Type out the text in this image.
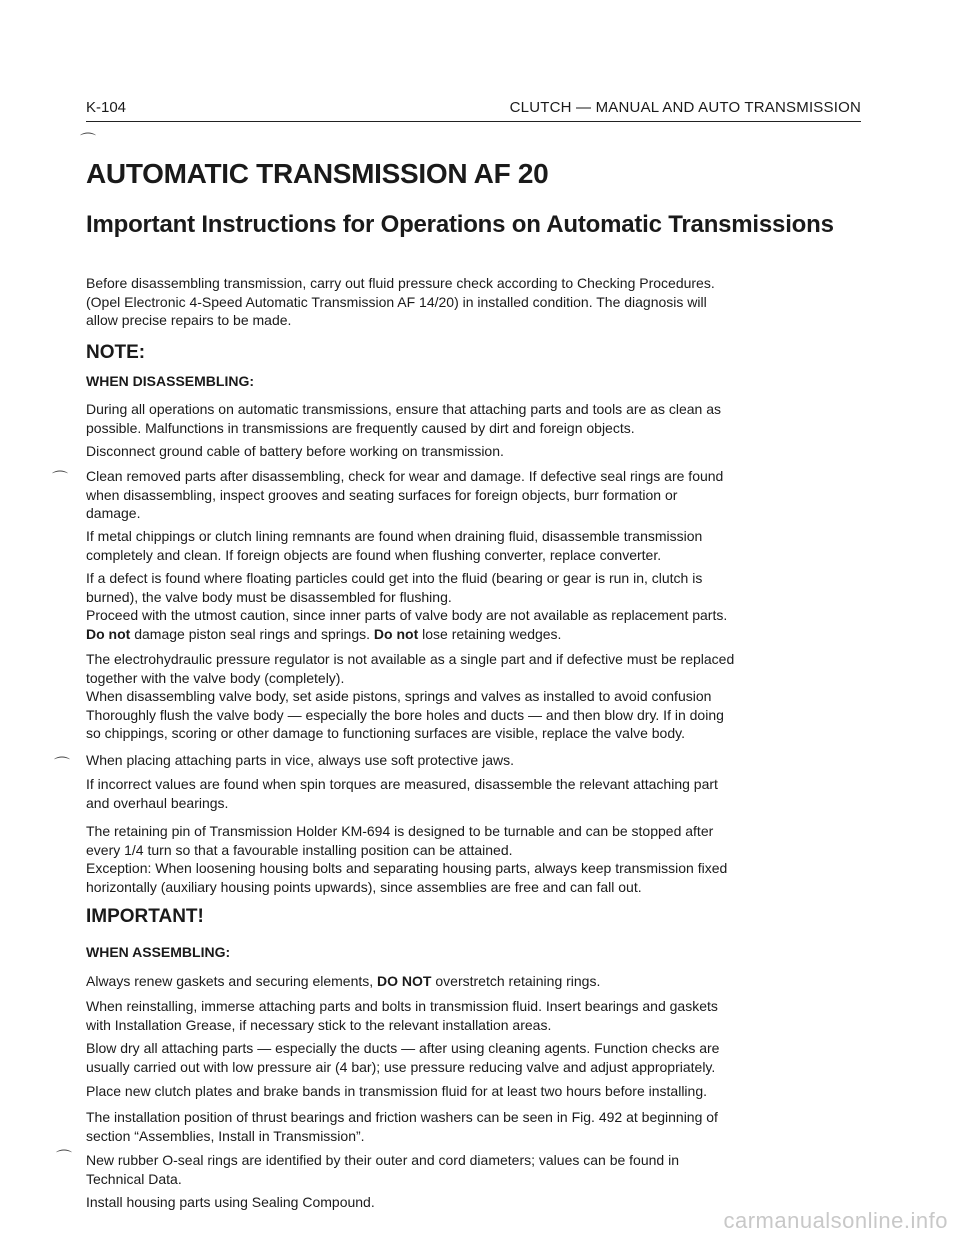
K-104	CLUTCH — MANUAL AND AUTO TRANSMISSION
⌒
⌒
⌒
⌒
AUTOMATIC TRANSMISSION AF 20
Important Instructions for Operations on Automatic Transmissions
Before disassembling transmission, carry out fluid pressure check according to Checking Procedures.
(Opel Electronic 4-Speed Automatic Transmission AF 14/20) in installed condition. The diagnosis will
allow precise repairs to be made.
NOTE:
WHEN DISASSEMBLING:
During all operations on automatic transmissions, ensure that attaching parts and tools are as clean as
possible. Malfunctions in transmissions are frequently caused by dirt and foreign objects.
Disconnect ground cable of battery before working on transmission.
Clean removed parts after disassembling, check for wear and damage. If defective seal rings are found
when disassembling, inspect grooves and seating surfaces for foreign objects, burr formation or
damage.
If metal chippings or clutch lining remnants are found when draining fluid, disassemble transmission
completely and clean. If foreign objects are found when flushing converter, replace converter.
If a defect is found where floating particles could get into the fluid (bearing or gear is run in, clutch is
burned), the valve body must be disassembled for flushing.
Proceed with the utmost caution, since inner parts of valve body are not available as replacement parts.
Do not damage piston seal rings and springs. Do not lose retaining wedges.
The electrohydraulic pressure regulator is not available as a single part and if defective must be replaced
together with the valve body (completely).
When disassembling valve body, set aside pistons, springs and valves as installed to avoid confusion
Thoroughly flush the valve body — especially the bore holes and ducts — and then blow dry. If in doing
so chippings, scoring or other damage to functioning surfaces are visible, replace the valve body.
When placing attaching parts in vice, always use soft protective jaws.
If incorrect values are found when spin torques are measured, disassemble the relevant attaching part
and overhaul bearings.
The retaining pin of Transmission Holder KM-694 is designed to be turnable and can be stopped after
every 1/4 turn so that a favourable installing position can be attained.
Exception: When loosening housing bolts and separating housing parts, always keep transmission fixed
horizontally (auxiliary housing points upwards), since assemblies are free and can fall out.
IMPORTANT!
WHEN ASSEMBLING:
Always renew gaskets and securing elements, DO NOT overstretch retaining rings.
When reinstalling, immerse attaching parts and bolts in transmission fluid. Insert bearings and gaskets
with Installation Grease, if necessary stick to the relevant installation areas.
Blow dry all attaching parts — especially the ducts — after using cleaning agents. Function checks are
usually carried out with low pressure air (4 bar); use pressure reducing valve and adjust appropriately.
Place new clutch plates and brake bands in transmission fluid for at least two hours before installing.
The installation position of thrust bearings and friction washers can be seen in Fig. 492 at beginning of
section “Assemblies, Install in Transmission”.
New rubber O-seal rings are identified by their outer and cord diameters; values can be found in
Technical Data.
Install housing parts using Sealing Compound.
carmanualsonline.info
